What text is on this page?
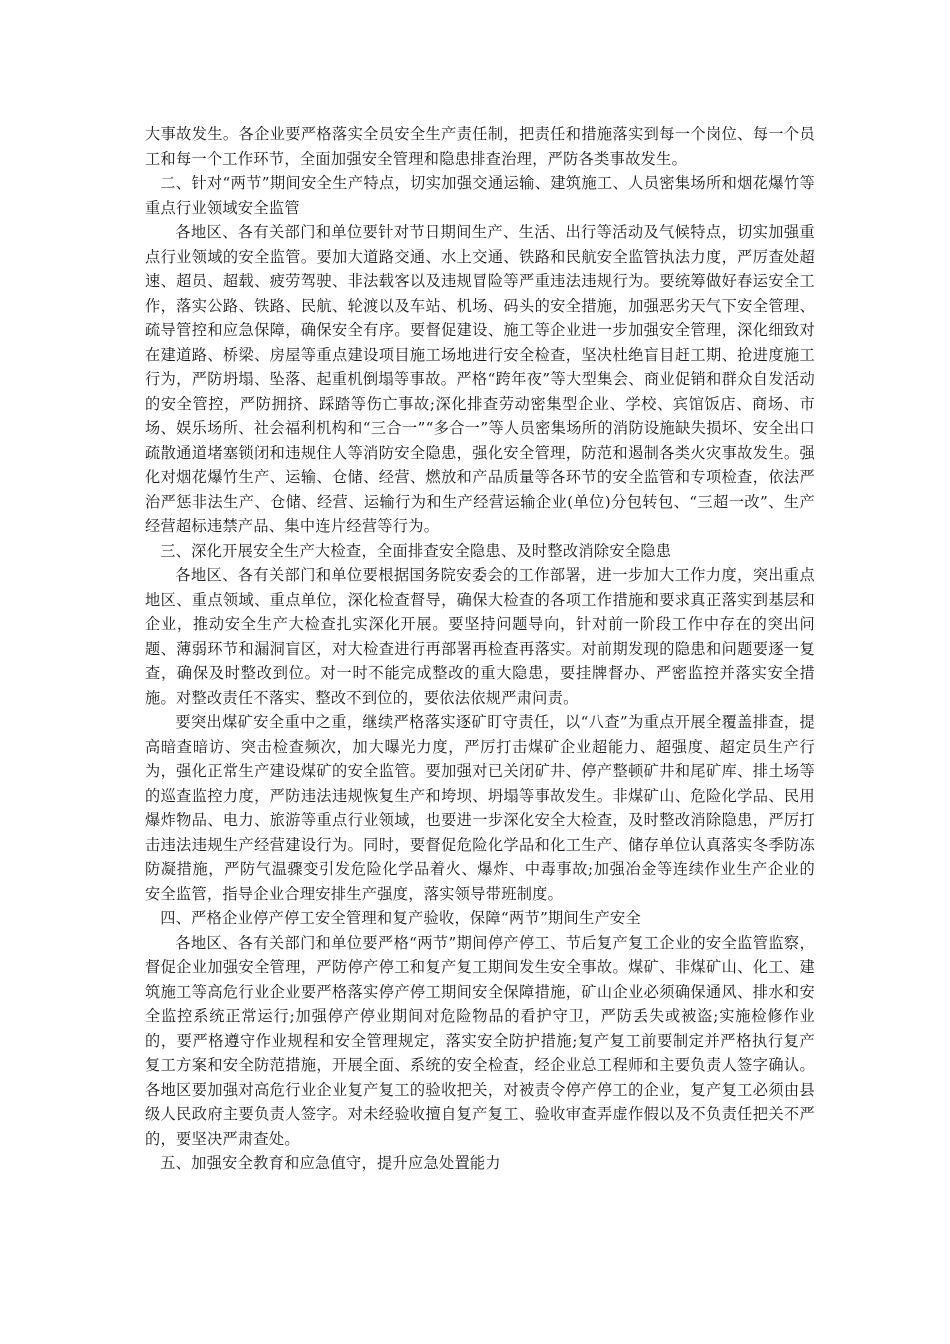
大事故发生。各企业要严格落实全员安全生产责任制，把责任和措施落实到每一个岗位、每一个员工和每一个工作环节，全面加强安全管理和隐患排查治理，严防各类事故发生。

二、针对“两节”期间安全生产特点，切实加强交通运输、建筑施工、人员密集场所和烟花爆竹等重点行业领域安全监管

各地区、各有关部门和单位要针对节日期间生产、生活、出行等活动及气候特点，切实加强重点行业领域的安全监管。要加大道路交通、水上交通、铁路和民航安全监管执法力度，严厉查处超速、超员、超载、疲劳驾驶、非法载客以及违规冒险等严重违法违规行为。要统筹做好春运安全工作，落实公路、铁路、民航、轮渡以及车站、机场、码头的安全措施，加强恶劣天气下安全管理、疏导管控和应急保障，确保安全有序。要督促建设、施工等企业进一步加强安全管理，深化细致对在建道路、桥梁、房屋等重点建设项目施工场地进行安全检查，坚决杜绝盲目赶工期、抢进度施工行为，严防坍塌、坠落、起重机倒塌等事故。严格“跨年夜”等大型集会、商业促销和群众自发活动的安全管控，严防拥挤、踩踏等伤亡事故;深化排查劳动密集型企业、学校、宾馆饭店、商场、市场、娱乐场所、社会福利机构和“三合一”“多合一”等人员密集场所的消防设施缺失损坏、安全出口疏散通道堵塞锁闭和违规住人等消防安全隐患，强化安全管理，防范和遏制各类火灾事故发生。强化对烟花爆竹生产、运输、仓储、经营、燃放和产品质量等各环节的安全监管和专项检查，依法严治严惩非法生产、仓储、经营、运输行为和生产经营运输企业(单位)分包转包、“三超一改”、生产经营超标违禁产品、集中连片经营等行为。

三、深化开展安全生产大检查，全面排查安全隐患、及时整改消除安全隐患

各地区、各有关部门和单位要根据国务院安委会的工作部署，进一步加大工作力度，突出重点地区、重点领域、重点单位，深化检查督导，确保大检查的各项工作措施和要求真正落实到基层和企业，推动安全生产大检查扎实深化开展。要坚持问题导向，针对前一阶段工作中存在的突出问题、薄弱环节和漏洞盲区，对大检查进行再部署再检查再落实。对前期发现的隐患和问题要逐一复查，确保及时整改到位。对一时不能完成整改的重大隐患，要挂牌督办、严密监控并落实安全措施。对整改责任不落实、整改不到位的，要依法依规严肃问责。

要突出煤矿安全重中之重，继续严格落实逐矿盯守责任，以“八查”为重点开展全覆盖排查，提高暗查暗访、突击检查频次，加大曝光力度，严厉打击煤矿企业超能力、超强度、超定员生产行为，强化正常生产建设煤矿的安全监管。要加强对已关闭矿井、停产整顿矿井和尾矿库、排土场等的巡查监控力度，严防违法违规恢复生产和垮坝、坍塌等事故发生。非煤矿山、危险化学品、民用爆炸物品、电力、旅游等重点行业领域，也要进一步深化安全大检查，及时整改消除隐患，严厉打击违法违规生产经营建设行为。同时，要督促危险化学品和化工生产、储存单位认真落实冬季防冻防凝措施，严防气温骤变引发危险化学品着火、爆炸、中毒事故;加强冶金等连续作业生产企业的安全监管，指导企业合理安排生产强度，落实领导带班制度。

四、严格企业停产停工安全管理和复产验收，保障“两节”期间生产安全

各地区、各有关部门和单位要严格“两节”期间停产停工、节后复产复工企业的安全监管监察，督促企业加强安全管理，严防停产停工和复产复工期间发生安全事故。煤矿、非煤矿山、化工、建筑施工等高危行业企业要严格落实停产停工期间安全保障措施，矿山企业必须确保通风、排水和安全监控系统正常运行;加强停产停业期间对危险物品的看护守卫，严防丢失或被盗;实施检修作业的，要严格遵守作业规程和安全管理规定，落实安全防护措施;复产复工前要制定并严格执行复产复工方案和安全防范措施，开展全面、系统的安全检查，经企业总工程师和主要负责人签字确认。各地区要加强对高危行业企业复产复工的验收把关，对被责令停产停工的企业，复产复工必须由县级人民政府主要负责人签字。对未经验收擅自复产复工、验收审查弄虚作假以及不负责任把关不严的，要坚决严肃查处。

五、加强安全教育和应急值守，提升应急处置能力
